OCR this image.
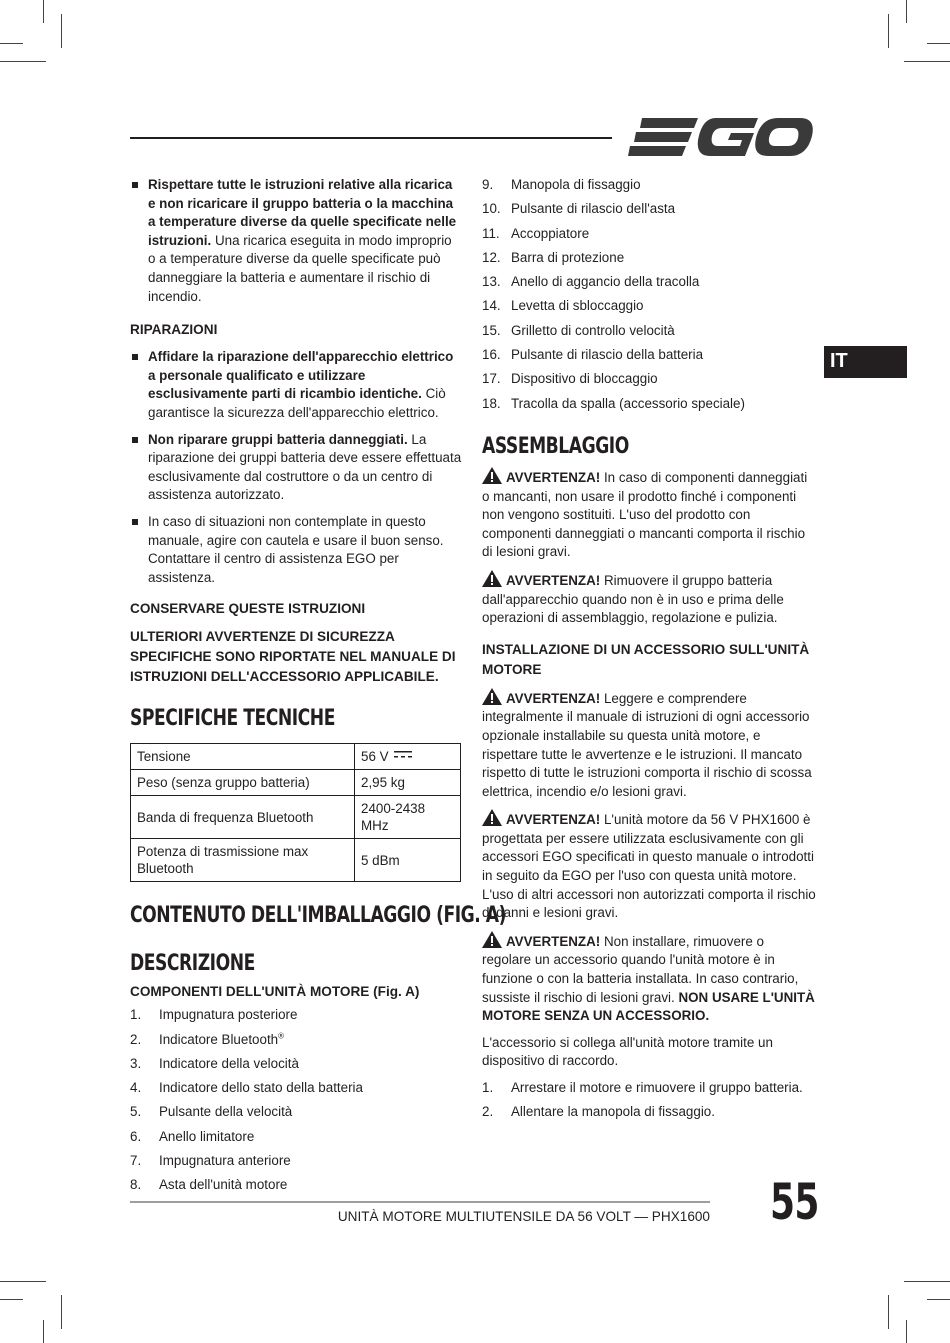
IT
Rispettare tutte le istruzioni relative alla ricarica e non ricaricare il gruppo batteria o la macchina a temperature diverse da quelle specificate nelle istruzioni. Una ricarica eseguita in modo improprio o a temperature diverse da quelle specificate può danneggiare la batteria e aumentare il rischio di incendio.
RIPARAZIONI
Affidare la riparazione dell'apparecchio elettrico a personale qualificato e utilizzare esclusivamente parti di ricambio identiche. Ciò garantisce la sicurezza dell'apparecchio elettrico.
Non riparare gruppi batteria danneggiati. La riparazione dei gruppi batteria deve essere effettuata esclusivamente dal costruttore o da un centro di assistenza autorizzato.
In caso di situazioni non contemplate in questo manuale, agire con cautela e usare il buon senso. Contattare il centro di assistenza EGO per assistenza.
CONSERVARE QUESTE ISTRUZIONI
ULTERIORI AVVERTENZE DI SICUREZZA SPECIFICHE SONO RIPORTATE NEL MANUALE DI ISTRUZIONI DELL'ACCESSORIO APPLICABILE.
SPECIFICHE TECNICHE
Tensione	56 V
Peso (senza gruppo batteria)	2,95 kg
Banda di frequenza Bluetooth	2400-2438 MHz
Potenza di trasmissione max Bluetooth	5 dBm
CONTENUTO DELL'IMBALLAGGIO (FIG. A)
DESCRIZIONE
COMPONENTI DELL'UNITÀ MOTORE (Fig. A)
1. Impugnatura posteriore
2. Indicatore Bluetooth®
3. Indicatore della velocità
4. Indicatore dello stato della batteria
5. Pulsante della velocità
6. Anello limitatore
7. Impugnatura anteriore
8. Asta dell'unità motore
9. Manopola di fissaggio
10. Pulsante di rilascio dell'asta
11. Accoppiatore
12. Barra di protezione
13. Anello di aggancio della tracolla
14. Levetta di sbloccaggio
15. Grilletto di controllo velocità
16. Pulsante di rilascio della batteria
17. Dispositivo di bloccaggio
18. Tracolla da spalla (accessorio speciale)
ASSEMBLAGGIO
AVVERTENZA! In caso di componenti danneggiati o mancanti, non usare il prodotto finché i componenti non vengono sostituiti. L'uso del prodotto con componenti danneggiati o mancanti comporta il rischio di lesioni gravi.
AVVERTENZA! Rimuovere il gruppo batteria dall'apparecchio quando non è in uso e prima delle operazioni di assemblaggio, regolazione e pulizia.
INSTALLAZIONE DI UN ACCESSORIO SULL'UNITÀ MOTORE
AVVERTENZA! Leggere e comprendere integralmente il manuale di istruzioni di ogni accessorio opzionale installabile su questa unità motore, e rispettare tutte le avvertenze e le istruzioni. Il mancato rispetto di tutte le istruzioni comporta il rischio di scossa elettrica, incendio e/o lesioni gravi.
AVVERTENZA! L'unità motore da 56 V PHX1600 è progettata per essere utilizzata esclusivamente con gli accessori EGO specificati in questo manuale o introdotti in seguito da EGO per l'uso con questa unità motore. L'uso di altri accessori non autorizzati comporta il rischio di danni e lesioni gravi.
AVVERTENZA! Non installare, rimuovere o regolare un accessorio quando l'unità motore è in funzione o con la batteria installata. In caso contrario, sussiste il rischio di lesioni gravi. NON USARE L'UNITÀ MOTORE SENZA UN ACCESSORIO.
L'accessorio si collega all'unità motore tramite un dispositivo di raccordo.
1. Arrestare il motore e rimuovere il gruppo batteria.
2. Allentare la manopola di fissaggio.
UNITÀ MOTORE MULTIUTENSILE DA 56 VOLT — PHX1600 55
